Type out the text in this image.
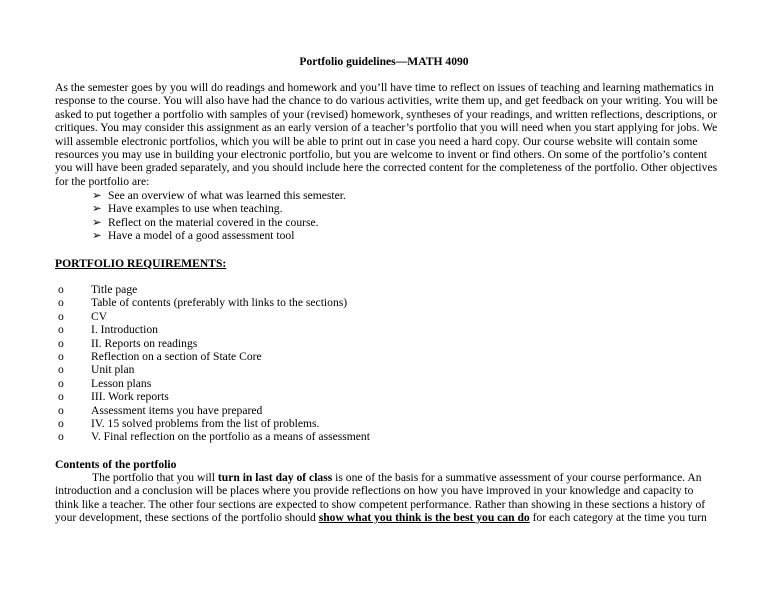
Portfolio guidelines—MATH 4090
As the semester goes by you will do readings and homework and you’ll have time to reflect on issues of teaching and learning mathematics in response to the course. You will also have had the chance to do various activities, write them up, and get feedback on your writing. You will be asked to put together a portfolio with samples of your (revised) homework, syntheses of your readings, and written reflections, descriptions, or critiques. You may consider this assignment as an early version of a teacher’s portfolio that you will need when you start applying for jobs. We will assemble electronic portfolios, which you will be able to print out in case you need a hard copy. Our course website will contain some resources you may use in building your electronic portfolio, but you are welcome to invent or find others. On some of the portfolio’s content you will have been graded separately, and you should include here the corrected content for the completeness of the portfolio. Other objectives for the portfolio are:
➢ See an overview of what was learned this semester.
➢ Have examples to use when teaching.
➢ Reflect on the material covered in the course.
➢ Have a model of a good assessment tool
PORTFOLIO REQUIREMENTS:
o Title page
o Table of contents (preferably with links to the sections)
o CV
o I. Introduction
o II. Reports on readings
o Reflection on a section of State Core
o Unit plan
o Lesson plans
o III. Work reports
o Assessment items you have prepared
o IV. 15 solved problems from the list of problems.
o V. Final reflection on the portfolio as a means of assessment
Contents of the portfolio
The portfolio that you will turn in last day of class is one of the basis for a summative assessment of your course performance. An introduction and a conclusion will be places where you provide reflections on how you have improved in your knowledge and capacity to think like a teacher. The other four sections are expected to show competent performance. Rather than showing in these sections a history of your development, these sections of the portfolio should show what you think is the best you can do for each category at the time you turn
